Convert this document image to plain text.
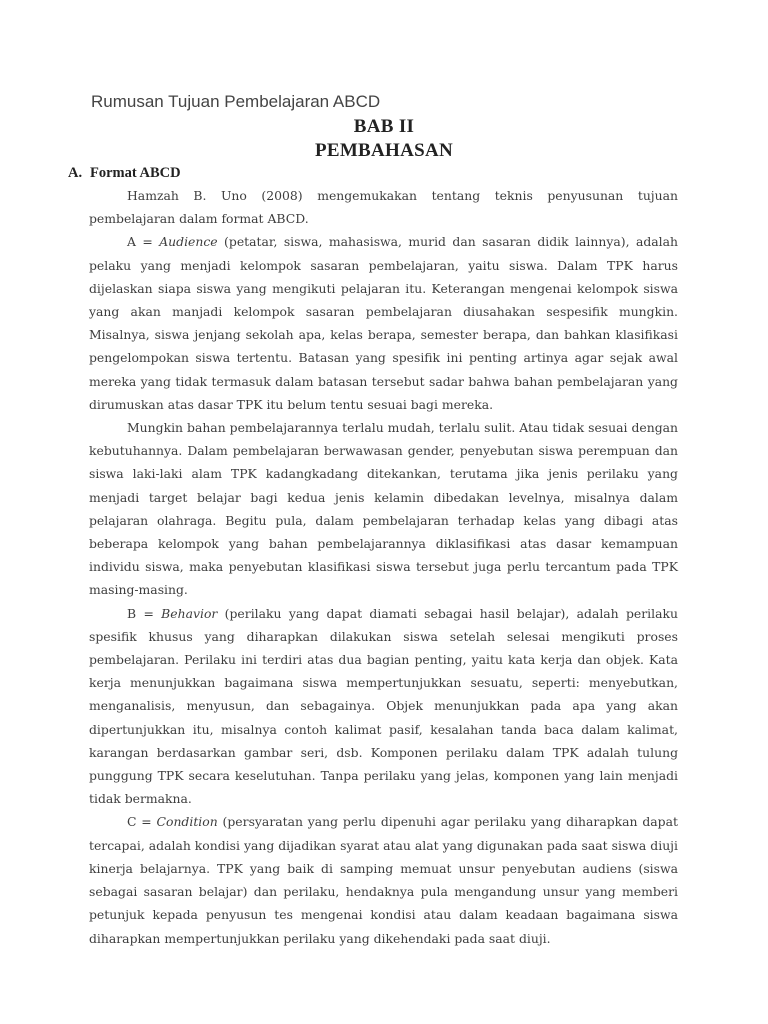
Rumusan Tujuan Pembelajaran ABCD
BAB II
PEMBAHASAN
A. Format ABCD

Hamzah B. Uno (2008) mengemukakan tentang teknis penyusunan tujuan pembelajaran dalam format ABCD.

A = Audience (petatar, siswa, mahasiswa, murid dan sasaran didik lainnya), adalah pelaku yang menjadi kelompok sasaran pembelajaran, yaitu siswa. Dalam TPK harus dijelaskan siapa siswa yang mengikuti pelajaran itu. Keterangan mengenai kelompok siswa yang akan manjadi kelompok sasaran pembelajaran diusahakan sespesifik mungkin. Misalnya, siswa jenjang sekolah apa, kelas berapa, semester berapa, dan bahkan klasifikasi pengelompokan siswa tertentu. Batasan yang spesifik ini penting artinya agar sejak awal mereka yang tidak termasuk dalam batasan tersebut sadar bahwa bahan pembelajaran yang dirumuskan atas dasar TPK itu belum tentu sesuai bagi mereka.

Mungkin bahan pembelajarannya terlalu mudah, terlalu sulit. Atau tidak sesuai dengan kebutuhannya. Dalam pembelajaran berwawasan gender, penyebutan siswa perempuan dan siswa laki-laki alam TPK kadangkadang ditekankan, terutama jika jenis perilaku yang menjadi target belajar bagi kedua jenis kelamin dibedakan levelnya, misalnya dalam pelajaran olahraga. Begitu pula, dalam pembelajaran terhadap kelas yang dibagi atas beberapa kelompok yang bahan pembelajarannya diklasifikasi atas dasar kemampuan individu siswa, maka penyebutan klasifikasi siswa tersebut juga perlu tercantum pada TPK masing-masing.

B = Behavior (perilaku yang dapat diamati sebagai hasil belajar), adalah perilaku spesifik khusus yang diharapkan dilakukan siswa setelah selesai mengikuti proses pembelajaran. Perilaku ini terdiri atas dua bagian penting, yaitu kata kerja dan objek. Kata kerja menunjukkan bagaimana siswa mempertunjukkan sesuatu, seperti: menyebutkan, menganalisis, menyusun, dan sebagainya. Objek menunjukkan pada apa yang akan dipertunjukkan itu, misalnya contoh kalimat pasif, kesalahan tanda baca dalam kalimat, karangan berdasarkan gambar seri, dsb. Komponen perilaku dalam TPK adalah tulung punggung TPK secara keselutuhan. Tanpa perilaku yang jelas, komponen yang lain menjadi tidak bermakna.

C = Condition (persyaratan yang perlu dipenuhi agar perilaku yang diharapkan dapat tercapai, adalah kondisi yang dijadikan syarat atau alat yang digunakan pada saat siswa diuji kinerja belajarnya. TPK yang baik di samping memuat unsur penyebutan audiens (siswa sebagai sasaran belajar) dan perilaku, hendaknya pula mengandung unsur yang memberi petunjuk kepada penyusun tes mengenai kondisi atau dalam keadaan bagaimana siswa diharapkan mempertunjukkan perilaku yang dikehendaki pada saat diuji.
